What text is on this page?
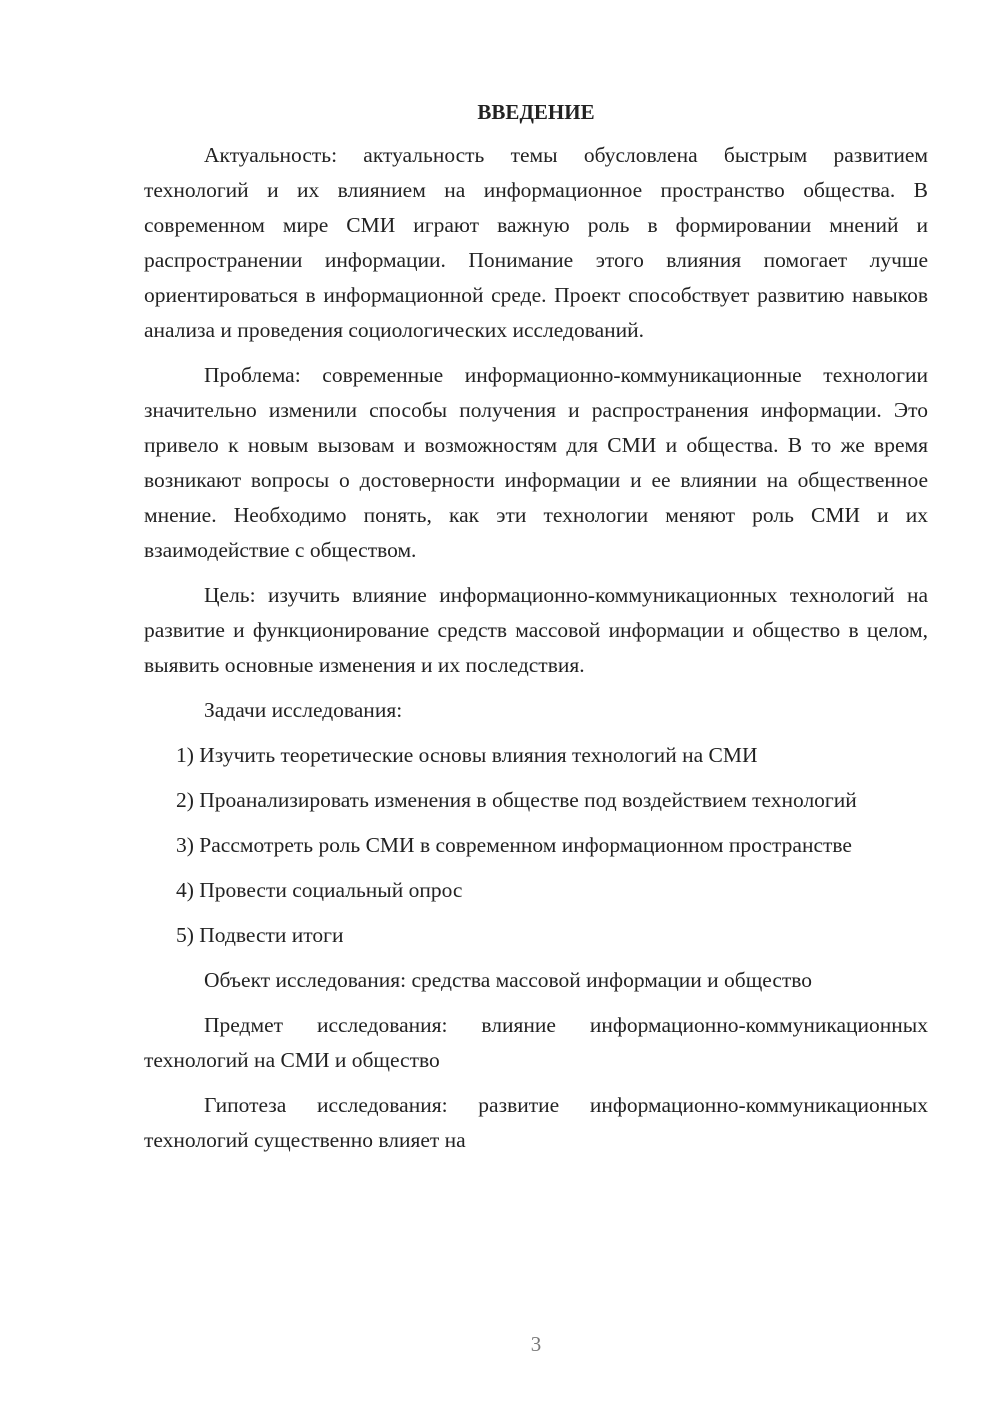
ВВЕДЕНИЕ

Актуальность: актуальность темы обусловлена быстрым развитием технологий и их влиянием на информационное пространство общества. В современном мире СМИ играют важную роль в формировании мнений и распространении информации. Понимание этого влияния помогает лучше ориентироваться в информационной среде. Проект способствует развитию навыков анализа и проведения социологических исследований.

Проблема: современные информационно-коммуникационные технологии значительно изменили способы получения и распространения информации. Это привело к новым вызовам и возможностям для СМИ и общества. В то же время возникают вопросы о достоверности информации и ее влиянии на общественное мнение. Необходимо понять, как эти технологии меняют роль СМИ и их взаимодействие с обществом.

Цель: изучить влияние информационно-коммуникационных технологий на развитие и функционирование средств массовой информации и общество в целом, выявить основные изменения и их последствия.

Задачи исследования:

1) Изучить теоретические основы влияния технологий на СМИ

2) Проанализировать изменения в обществе под воздействием технологий

3) Рассмотреть роль СМИ в современном информационном пространстве

4) Провести социальный опрос

5) Подвести итоги

Объект исследования: средства массовой информации и общество

Предмет исследования: влияние информационно-коммуникационных технологий на СМИ и общество

Гипотеза исследования: развитие информационно-коммуникационных технологий существенно влияет на

3
